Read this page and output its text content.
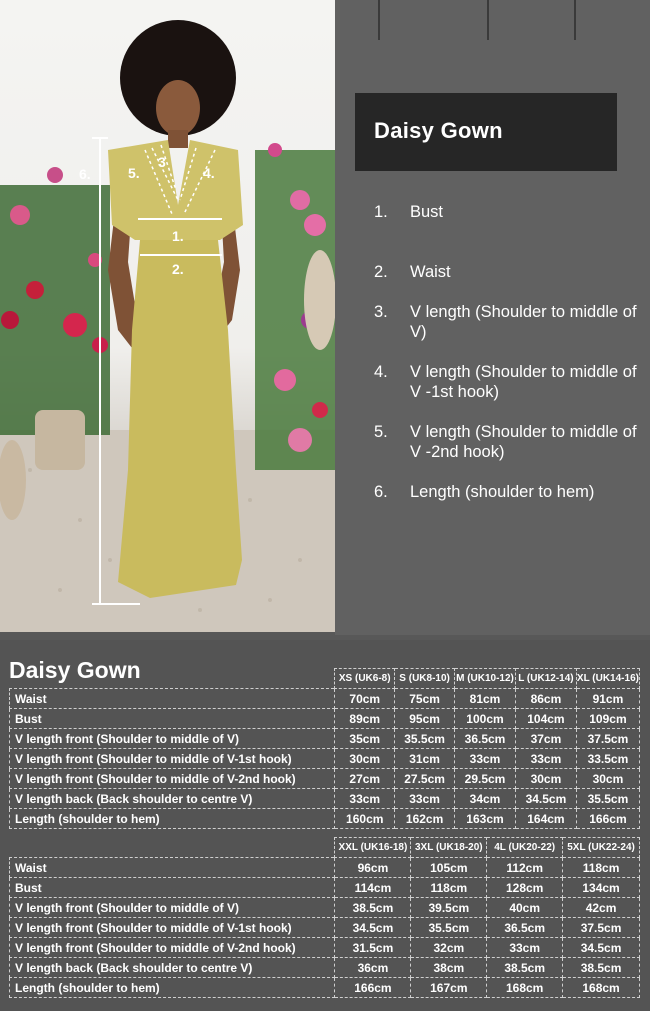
6.	5.
3
4.
1.
2.
Daisy Gown
1.	Bust
2.	Waist
3.	V length (Shoulder to middle of V)
4.	V length (Shoulder to middle of V -1st hook)
5.	V length (Shoulder to middle of V -2nd hook)
6.	Length (shoulder to hem)
Daisy Gown
		XS (UK6-8)	S (UK8-10)	M (UK10-12)	L (UK12-14)	XL (UK14-16)
Waist	70cm	75cm	81cm	86cm	91cm
Bust	89cm	95cm	100cm	104cm	109cm
V length front (Shoulder to middle of V)	35cm	35.5cm	36.5cm	37cm	37.5cm
V length front (Shoulder to middle of V-1st hook)	30cm	31cm	33cm	33cm	33.5cm
V length front (Shoulder to middle of V-2nd hook)	27cm	27.5cm	29.5cm	30cm	30cm
V length back (Back shoulder to centre V)	33cm	33cm	34cm	34.5cm	35.5cm
Length (shoulder to hem)	160cm	162cm	163cm	164cm	166cm
	XXL (UK16-18)	3XL (UK18-20)	4L (UK20-22)	5XL (UK22-24)
Waist	96cm	105cm	112cm	118cm
Bust	114cm	118cm	128cm	134cm
V length front (Shoulder to middle of V)	38.5cm	39.5cm	40cm	42cm
V length front (Shoulder to middle of V-1st hook)	34.5cm	35.5cm	36.5cm	37.5cm
V length front (Shoulder to middle of V-2nd hook)	31.5cm	32cm	33cm	34.5cm
V length back (Back shoulder to centre V)	36cm	38cm	38.5cm	38.5cm
Length (shoulder to hem)	166cm	167cm	168cm	168cm
